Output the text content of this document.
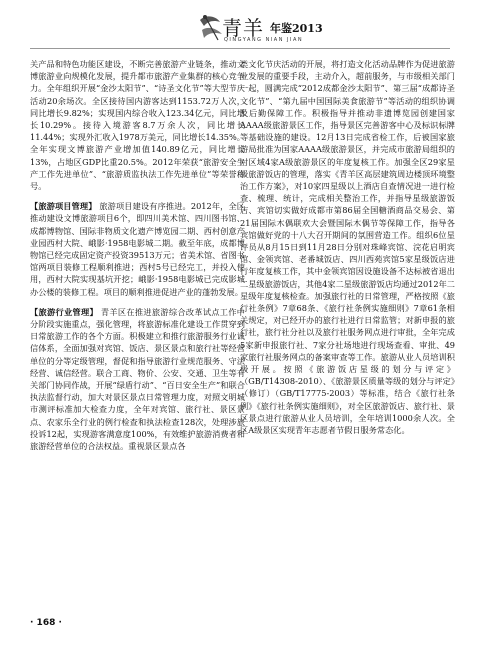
青羊 年鉴2013
QINGYANG NIAN JIAN

关产品和特色功能区建设，不断完善旅游产业链条，推动文博旅游业向规模化发展，提升都市旅游产业集群的核心竞争力。全年组织开展“金沙太阳节”、“诗圣文化节”等大型节庆活动20余场次。全区接待国内游客达到1153.72万人次，同比增长9.82%；实现国内综合收入123.34亿元，同比增长10.29%。接待入境游客8.7万余人次，同比增长11.44%；实现外汇收入1978万美元，同比增长14.35%。全年实现文博旅游产业增加值140.89亿元，同比增长13%，占地区GDP比重20.5%。2012年荣获“旅游安全生产工作先进单位”、“旅游质监执法工作先进单位”等荣誉称号。

【旅游项目管理】 旅游项目建设有序推进。2012年，全区推动建设文博旅游项目6个，即四川美术馆、四川图书馆、成都博物馆、国际非物质文化遗产博览园二期、西村创意产业园西村大院、峨影·1958电影城二期。截至年底，成都博物馆已经完成固定资产投资39513万元；省美术馆、省图书馆两项目装修工程顺利推进；西村5号已经完工，并投入使用，西村大院实现基坑开挖；峨影·1958电影城已完成影城办公楼的装修工程。项目的顺利推进促进产业的蓬勃发展。

【旅游行业管理】 青羊区在推进旅游综合改革试点工作中分阶段实施重点，强化管理，将旅游标准化建设工作贯穿到日常旅游工作的各个方面。积极建立和推行旅游服务行业诚信体系，全面加强对宾馆、饭店、景区景点和旅行社等经营单位的分等定级管理，督促和指导旅游行业规范服务、守法经营、诚信经营。联合工商、物价、公安、交通、卫生等有关部门协同作战，开展“绿盾行动”、“百日安全生产”和联合执法监督行动，加大对景区景点日常管理力度，对照文明城市测评标准加大检查力度，全年对宾馆、旅行社、景区景点、农家乐全行业的例行检查和执法检查128次，处理涉旅投诉12起，实现游客满意度100%，有效维护旅游消费者和旅游经营单位的合法权益。重视景区景点各

类文化节庆活动的开展，将打造文化活动品牌作为促进旅游业发展的重要手段，主动介入，超前服务，与市级相关部门一起，圆满完成“2012成都金沙太阳节”、第三届“成都诗圣文化节”、“第九届中国国际美食旅游节”等活动的组织协调及后勤保障工作。积极指导并推动非遗博览园创建国家AAAA级旅游景区工作，指导景区完善游客中心及标识标牌等基础设施的建设。12月13日完成省检工作，后被国家旅游局批准为国家AAAA级旅游景区，并完成市旅游局组织的对区域4家A级旅游景区的年度复核工作。加强全区29家星级旅游饭店的管理，落实《青羊区高层建筑周边楼顶环境整治工作方案》，对10家四星级以上酒店自查情况进一进行检查、梳理、统计，完成相关整治工作，并指导星级旅游饭店、宾馆切实做好成都市第86届全国糖酒商品交易会、第21届国际木偶联欢大会暨国际木偶节等保障工作，指导各宾馆做好党的十八大召开期间的氛围营造工作。组织6位星评员从8月15日到11月28日分别对珠峰宾馆、浣花启明宾馆、金领宾馆、老番城饭店、四川西苑宾馆5家星级饭店进行年度复核工作，其中金领宾馆因设施设备不达标被省退出二星级旅游饭店，其他4家二星级旅游饭店均通过2012年二星级年度复核检查。加强旅行社的日常管理，严格按照《旅行社条例》7章68条、《旅行社条例实施细则》7章61条相关规定，对已经开办的旅行社进行日常监管；对新申报的旅行社，旅行社分社以及旅行社服务网点进行审批，全年完成5家新申报旅行社、7家分社场地进行现场查看、审批、49家旅行社服务网点的备案审查等工作。旅游从业人员培训积极开展。按照《旅游饭店星级的划分与评定》（GB/T14308-2010）、《旅游景区质量等级的划分与评定》（修订）（GB/T17775-2003）等标准，结合《旅行社条例》《旅行社条例实施细则》，对全区旅游饭店、旅行社、景区景点进行旅游从业人员培训，全年培训1000余人次。全区A级景区实现青年志愿者节假日服务常态化。

· 168 ·
